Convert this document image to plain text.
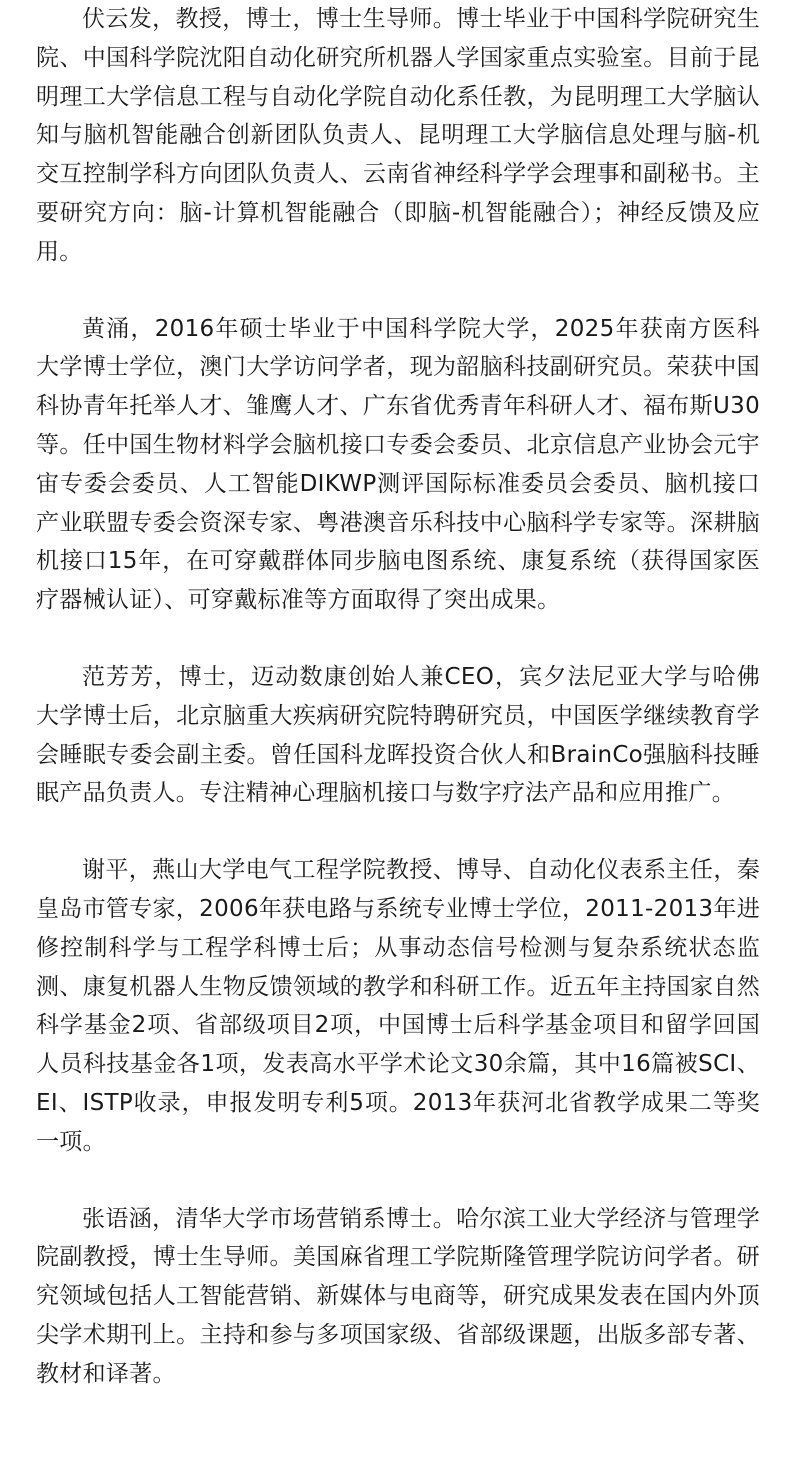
伏云发，教授，博士，博士生导师。博士毕业于中国科学院研究生院、中国科学院沈阳自动化研究所机器人学国家重点实验室。目前于昆明理工大学信息工程与自动化学院自动化系任教，为昆明理工大学脑认知与脑机智能融合创新团队负责人、昆明理工大学脑信息处理与脑-机交互控制学科方向团队负责人、云南省神经科学学会理事和副秘书。主要研究方向：脑-计算机智能融合（即脑-机智能融合）；神经反馈及应用。

黄涌，2016年硕士毕业于中国科学院大学，2025年获南方医科大学博士学位，澳门大学访问学者，现为韶脑科技副研究员。荣获中国科协青年托举人才、雏鹰人才、广东省优秀青年科研人才、福布斯U30等。任中国生物材料学会脑机接口专委会委员、北京信息产业协会元宇宙专委会委员、人工智能DIKWP测评国际标准委员会委员、脑机接口产业联盟专委会资深专家、粤港澳音乐科技中心脑科学专家等。深耕脑机接口15年，在可穿戴群体同步脑电图系统、康复系统（获得国家医疗器械认证）、可穿戴标准等方面取得了突出成果。

范芳芳，博士，迈动数康创始人兼CEO，宾夕法尼亚大学与哈佛大学博士后，北京脑重大疾病研究院特聘研究员，中国医学继续教育学会睡眠专委会副主委。曾任国科龙晖投资合伙人和BrainCo强脑科技睡眠产品负责人。专注精神心理脑机接口与数字疗法产品和应用推广。

谢平，燕山大学电气工程学院教授、博导、自动化仪表系主任，秦皇岛市管专家，2006年获电路与系统专业博士学位，2011-2013年进修控制科学与工程学科博士后；从事动态信号检测与复杂系统状态监测、康复机器人生物反馈领域的教学和科研工作。近五年主持国家自然科学基金2项、省部级项目2项，中国博士后科学基金项目和留学回国人员科技基金各1项，发表高水平学术论文30余篇，其中16篇被SCI、EI、ISTP收录，申报发明专利5项。2013年获河北省教学成果二等奖一项。

张语涵，清华大学市场营销系博士。哈尔滨工业大学经济与管理学院副教授，博士生导师。美国麻省理工学院斯隆管理学院访问学者。研究领域包括人工智能营销、新媒体与电商等，研究成果发表在国内外顶尖学术期刊上。主持和参与多项国家级、省部级课题，出版多部专著、教材和译著。
